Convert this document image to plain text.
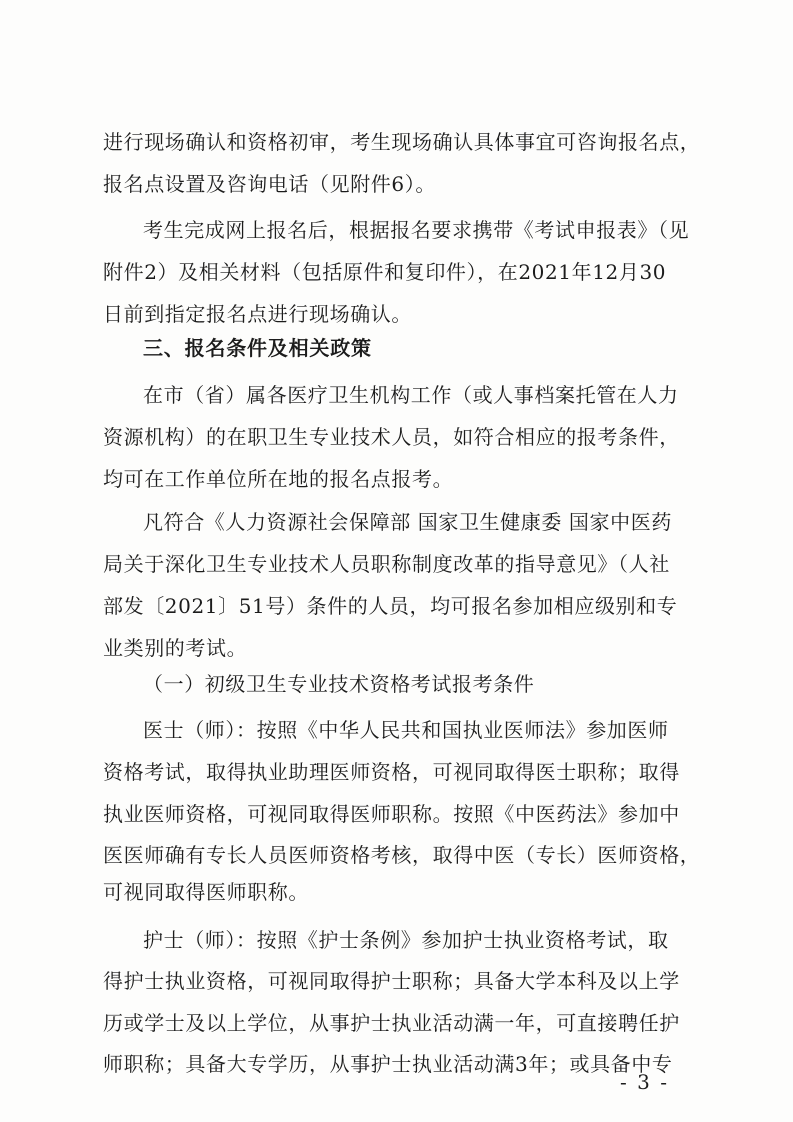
进行现场确认和资格初审，考生现场确认具体事宜可咨询报名点，
报名点设置及咨询电话（见附件6）。
考生完成网上报名后，根据报名要求携带《考试申报表》（见
附件2）及相关材料（包括原件和复印件），在2021年12月30
日前到指定报名点进行现场确认。
三、报名条件及相关政策
在市（省）属各医疗卫生机构工作（或人事档案托管在人力
资源机构）的在职卫生专业技术人员，如符合相应的报考条件，
均可在工作单位所在地的报名点报考。
凡符合《人力资源社会保障部 国家卫生健康委 国家中医药
局关于深化卫生专业技术人员职称制度改革的指导意见》（人社
部发〔2021〕51号）条件的人员，均可报名参加相应级别和专
业类别的考试。
（一）初级卫生专业技术资格考试报考条件
医士（师）：按照《中华人民共和国执业医师法》参加医师
资格考试，取得执业助理医师资格，可视同取得医士职称；取得
执业医师资格，可视同取得医师职称。按照《中医药法》参加中
医医师确有专长人员医师资格考核，取得中医（专长）医师资格，
可视同取得医师职称。
护士（师）：按照《护士条例》参加护士执业资格考试，取
得护士执业资格，可视同取得护士职称；具备大学本科及以上学
历或学士及以上学位，从事护士执业活动满一年，可直接聘任护
师职称；具备大专学历，从事护士执业活动满3年；或具备中专
- 3 -
